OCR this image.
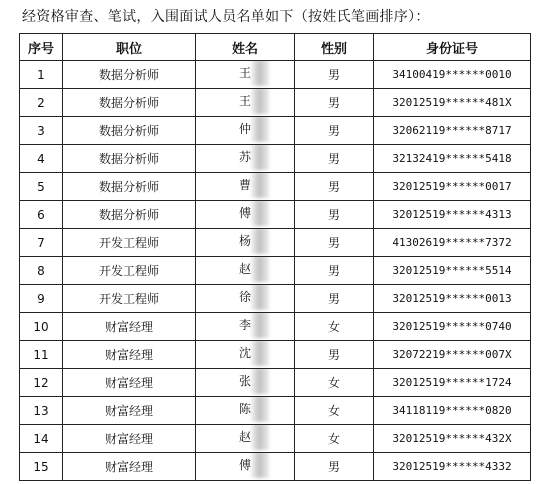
经资格审查、笔试，入围面试人员名单如下（按姓氏笔画排序）：
序号	职位	姓名	性别	身份证号
1	数据分析师	王	男	34100419******0010
2	数据分析师	王	男	32012519******481X
3	数据分析师	仲	男	32062119******8717
4	数据分析师	苏	男	32132419******5418
5	数据分析师	曹	男	32012519******0017
6	数据分析师	傅	男	32012519******4313
7	开发工程师	杨	男	41302619******7372
8	开发工程师	赵	男	32012519******5514
9	开发工程师	徐	男	32012519******0013
10	财富经理	李	女	32012519******0740
11	财富经理	沈	男	32072219******007X
12	财富经理	张	女	32012519******1724
13	财富经理	陈	女	34118119******0820
14	财富经理	赵	女	32012519******432X
15	财富经理	傅	男	32012519******4332
